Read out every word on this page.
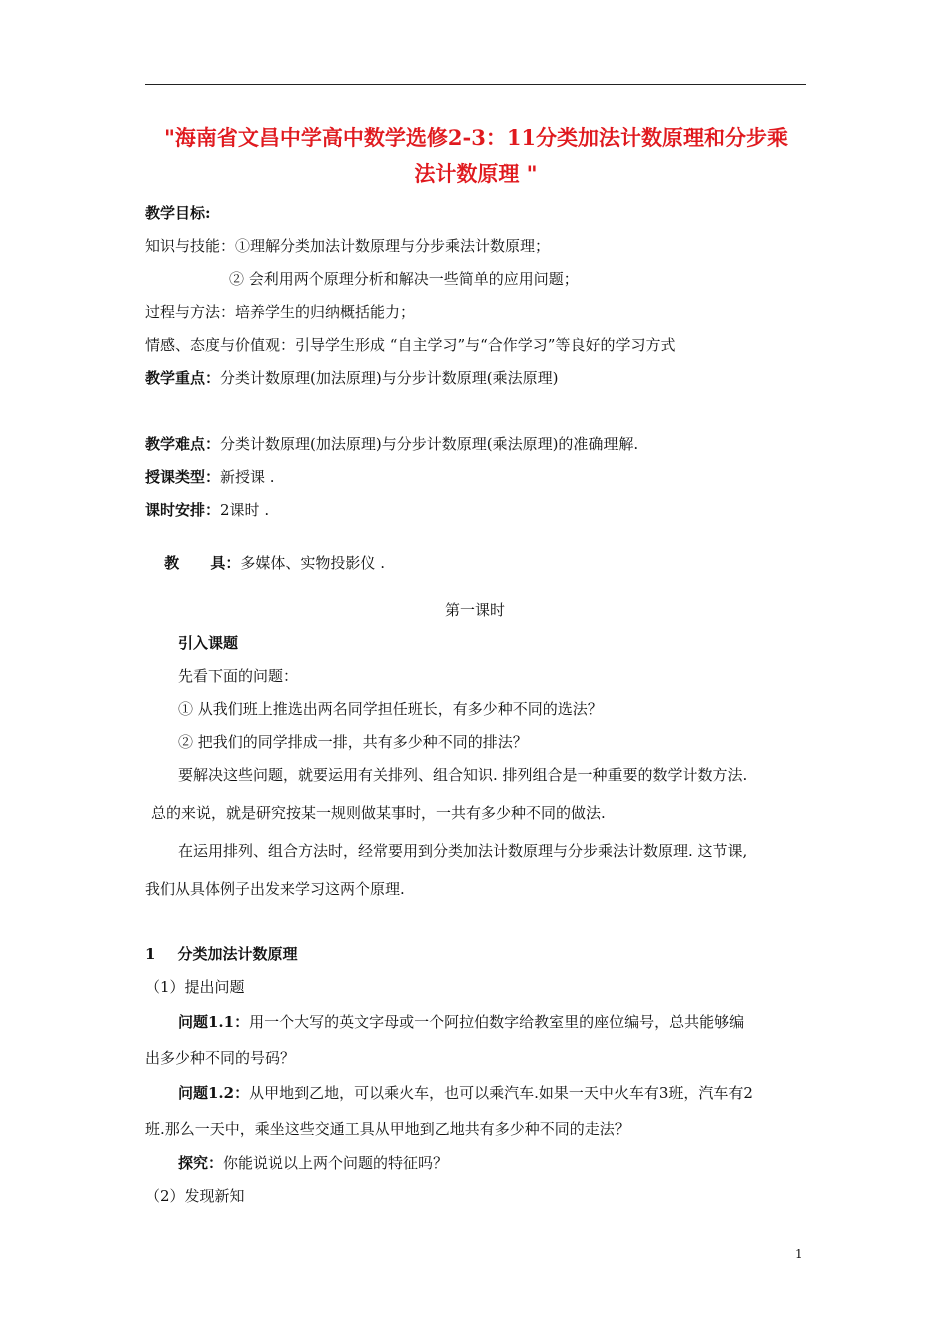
"海南省文昌中学高中数学选修2-3：11分类加法计数原理和分步乘
法计数原理 "
教学目标:
知识与技能：①理解分类加法计数原理与分步乘法计数原理；
② 会利用两个原理分析和解决一些简单的应用问题；
过程与方法：培养学生的归纳概括能力；
情感、态度与价值观：引导学生形成 “自主学习”与“合作学习”等良好的学习方式
教学重点：分类计数原理(加法原理)与分步计数原理(乘法原理)
教学难点：分类计数原理(加法原理)与分步计数原理(乘法原理)的准确理解.
授课类型：新授课 .
课时安排：2课时 .

教      具：多媒体、实物投影仪 .

第一课时
引入课题
先看下面的问题：
① 从我们班上推选出两名同学担任班长，有多少种不同的选法？
② 把我们的同学排成一排，共有多少种不同的排法？
要解决这些问题，就要运用有关排列、组合知识. 排列组合是一种重要的数学计数方法.
总的来说，就是研究按某一规则做某事时，一共有多少种不同的做法.
在运用排列、组合方法时，经常要用到分类加法计数原理与分步乘法计数原理. 这节课,
我们从具体例子出发来学习这两个原理.
1 分类加法计数原理
（1）提出问题
问题1.1：用一个大写的英文字母或一个阿拉伯数字给教室里的座位编号，总共能够编
出多少种不同的号码？
问题1.2：从甲地到乙地，可以乘火车，也可以乘汽车.如果一天中火车有3班，汽车有2
班.那么一天中，乘坐这些交通工具从甲地到乙地共有多少种不同的走法？
探究：你能说说以上两个问题的特征吗？
（2）发现新知
1
